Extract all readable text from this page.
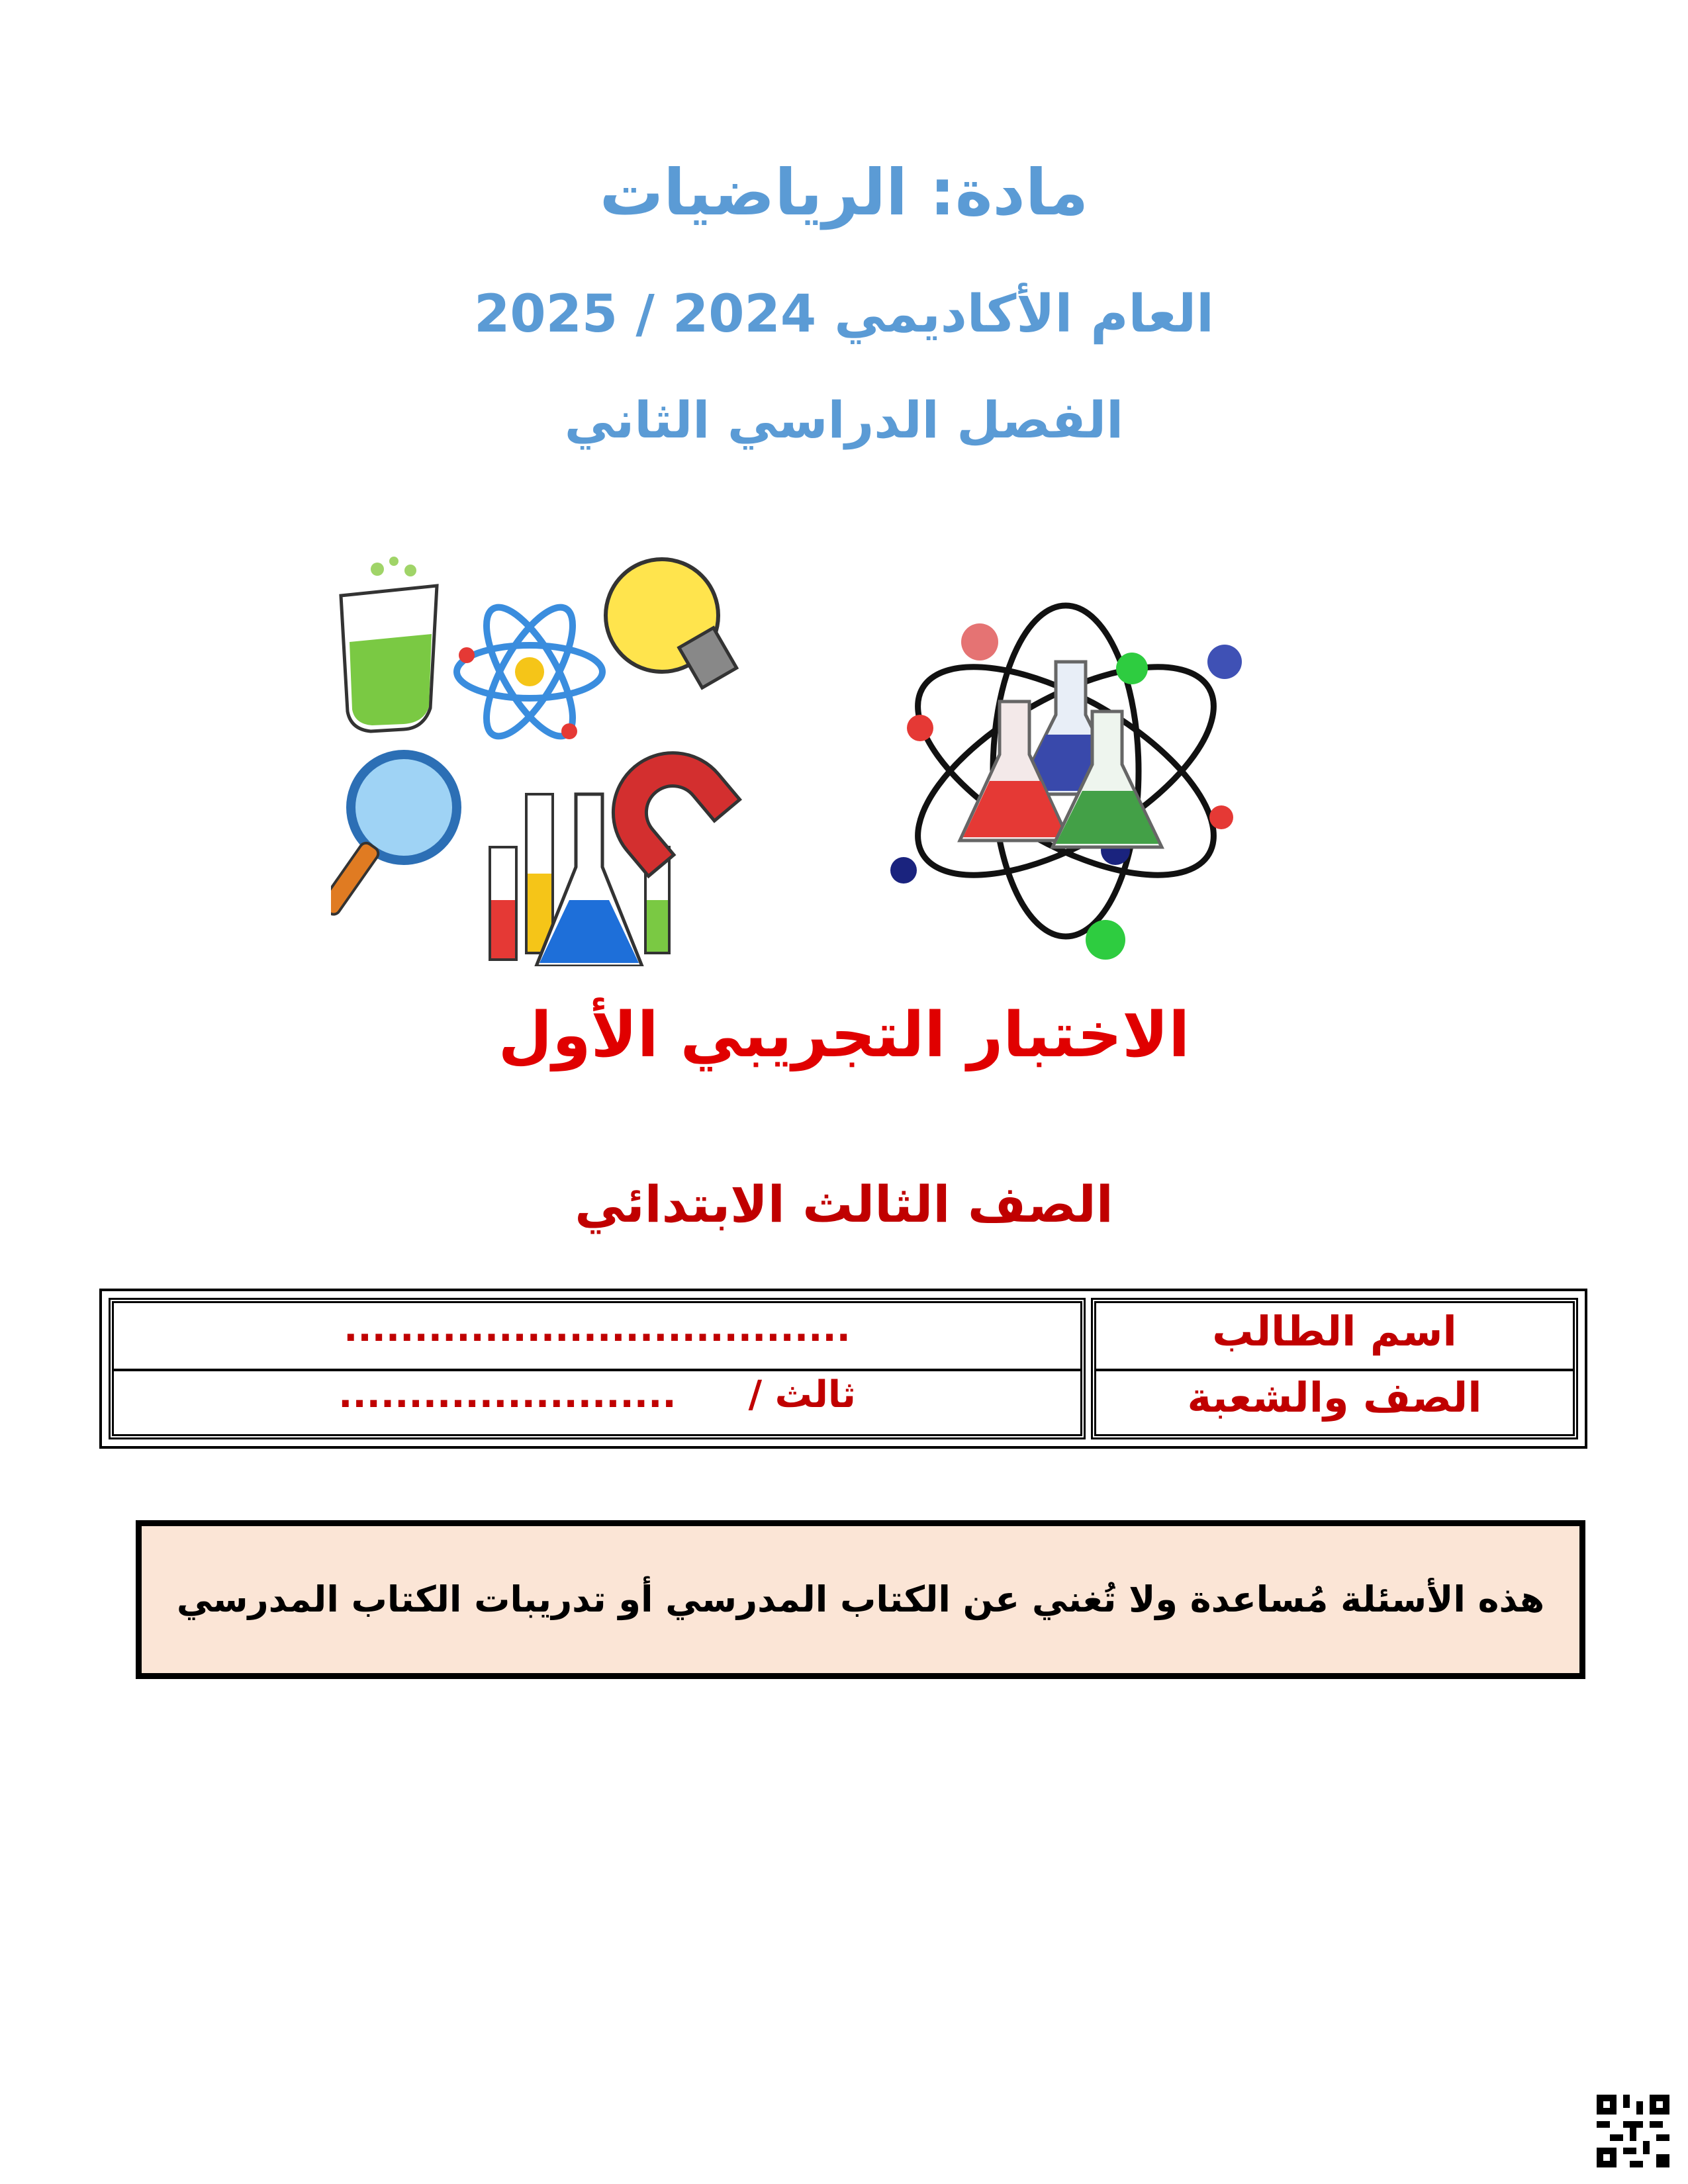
مادة: الرياضيات
العام الأكاديمي 2024 / 2025
الفصل الدراسي الثاني
الاختبار التجريبي الأول
الصف الثالث الابتدائي
....................................
ثالث /  ........................
اسم الطالب
الصف والشعبة
هذه الأسئلة مُساعدة ولا تُغني عن الكتاب المدرسي أو تدريبات الكتاب المدرسي
